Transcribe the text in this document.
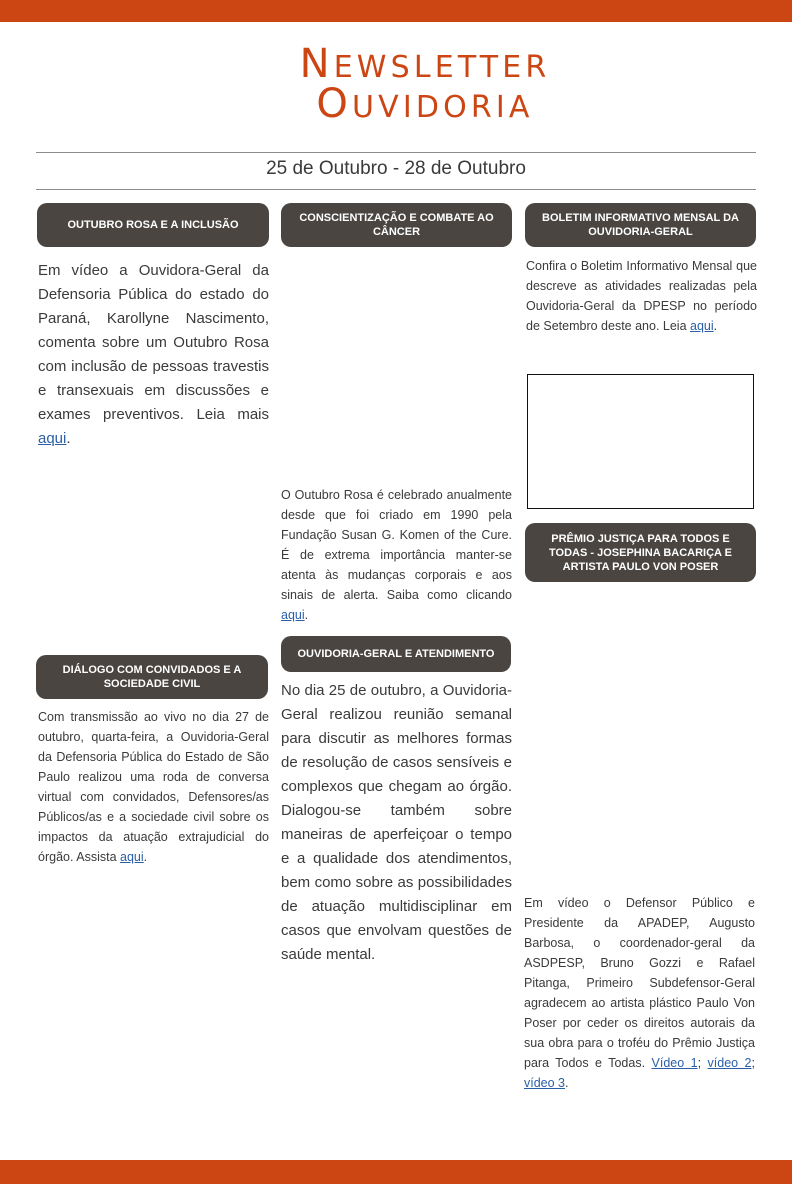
NEWSLETTER
OUVIDORIA
25 de Outubro - 28 de Outubro
OUTUBRO ROSA E A INCLUSÃO
Em vídeo a Ouvidora-Geral da Defensoria Pública do estado do Paraná, Karollyne Nascimento, comenta sobre um Outubro Rosa com inclusão de pessoas travestis e transexuais em discussões e exames preventivos. Leia mais aqui.
DIÁLOGO COM CONVIDADOS E A SOCIEDADE CIVIL
Com transmissão ao vivo no dia 27 de outubro, quarta-feira, a Ouvidoria-Geral da Defensoria Pública do Estado de São Paulo realizou uma roda de conversa virtual com convidados, Defensores/as Públicos/as e a sociedade civil sobre os impactos da atuação extrajudicial do órgão. Assista aqui.
CONSCIENTIZAÇÃO E COMBATE AO CÂNCER
O Outubro Rosa é celebrado anualmente desde que foi criado em 1990 pela Fundação Susan G. Komen of the Cure. É de extrema importância manter-se atenta às mudanças corporais e aos sinais de alerta. Saiba como clicando aqui.
OUVIDORIA-GERAL E ATENDIMENTO
No dia 25 de outubro, a Ouvidoria-Geral realizou reunião semanal para discutir as melhores formas de resolução de casos sensíveis e complexos que chegam ao órgão. Dialogou-se também sobre maneiras de aperfeiçoar o tempo e a qualidade dos atendimentos, bem como sobre as possibilidades de atuação multidisciplinar em casos que envolvam questões de saúde mental.
BOLETIM INFORMATIVO MENSAL DA OUVIDORIA-GERAL
Confira o Boletim Informativo Mensal que descreve as atividades realizadas pela Ouvidoria-Geral da DPESP no período de Setembro deste ano. Leia aqui.
PRÊMIO JUSTIÇA PARA TODOS E TODAS - JOSEPHINA BACARIÇA E ARTISTA PAULO VON POSER
Em vídeo o Defensor Público e Presidente da APADEP, Augusto Barbosa, o coordenador-geral da ASDPESP, Bruno Gozzi e Rafael Pitanga, Primeiro Subdefensor-Geral agradecem ao artista plástico Paulo Von Poser por ceder os direitos autorais da sua obra para o troféu do Prêmio Justiça para Todos e Todas. Vídeo 1; vídeo 2; vídeo 3.
